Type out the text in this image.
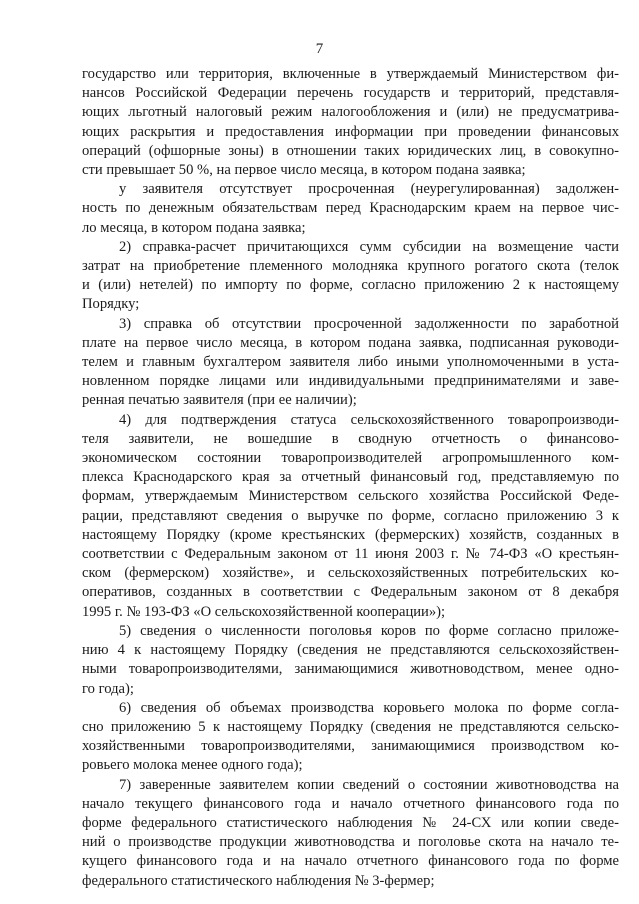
7
государство или территория, включенные в утверждаемый Министерством фи-
нансов Российской Федерации перечень государств и территорий, представля-
ющих льготный налоговый режим налогообложения и (или) не предусматрива-
ющих раскрытия и предоставления информации при проведении финансовых
операций (офшорные зоны) в отношении таких юридических лиц, в совокупно-
сти превышает 50 %, на первое число месяца, в котором подана заявка;
у заявителя отсутствует просроченная (неурегулированная) задолжен-
ность по денежным обязательствам перед Краснодарским краем на первое чис-
ло месяца, в котором подана заявка;
2) справка-расчет причитающихся сумм субсидии на возмещение части
затрат на приобретение племенного молодняка крупного рогатого скота (телок
и (или) нетелей) по импорту по форме, согласно приложению 2 к настоящему
Порядку;
3) справка об отсутствии просроченной задолженности по заработной
плате на первое число месяца, в котором подана заявка, подписанная руководи-
телем и главным бухгалтером заявителя либо иными уполномоченными в уста-
новленном порядке лицами или индивидуальными предпринимателями и заве-
ренная печатью заявителя (при ее наличии);
4) для подтверждения статуса сельскохозяйственного товаропроизводи-
теля заявители, не вошедшие в сводную отчетность о финансово-
экономическом состоянии товаропроизводителей агропромышленного ком-
плекса Краснодарского края за отчетный финансовый год, представляемую по
формам, утверждаемым Министерством сельского хозяйства Российской Феде-
рации, представляют сведения о выручке по форме, согласно приложению 3 к
настоящему Порядку (кроме крестьянских (фермерских) хозяйств, созданных в
соответствии с Федеральным законом от 11 июня 2003 г. № 74-ФЗ «О крестьян-
ском (фермерском) хозяйстве», и сельскохозяйственных потребительских ко-
оперативов, созданных в соответствии с Федеральным законом от 8 декабря
1995 г. № 193-ФЗ «О сельскохозяйственной кооперации»);
5) сведения о численности поголовья коров по форме согласно приложе-
нию 4 к настоящему Порядку (сведения не представляются сельскохозяйствен-
ными товаропроизводителями, занимающимися животноводством, менее одно-
го года);
6) сведения об объемах производства коровьего молока по форме согла-
сно приложению 5 к настоящему Порядку (сведения не представляются сельско-
хозяйственными товаропроизводителями, занимающимися производством ко-
ровьего молока менее одного года);
7) заверенные заявителем копии сведений о состоянии животноводства на
начало текущего финансового года и начало отчетного финансового года по
форме федерального статистического наблюдения № 24-СХ или копии сведе-
ний о производстве продукции животноводства и поголовье скота на начало те-
кущего финансового года и на начало отчетного финансового года по форме
федерального статистического наблюдения № 3-фермер;
